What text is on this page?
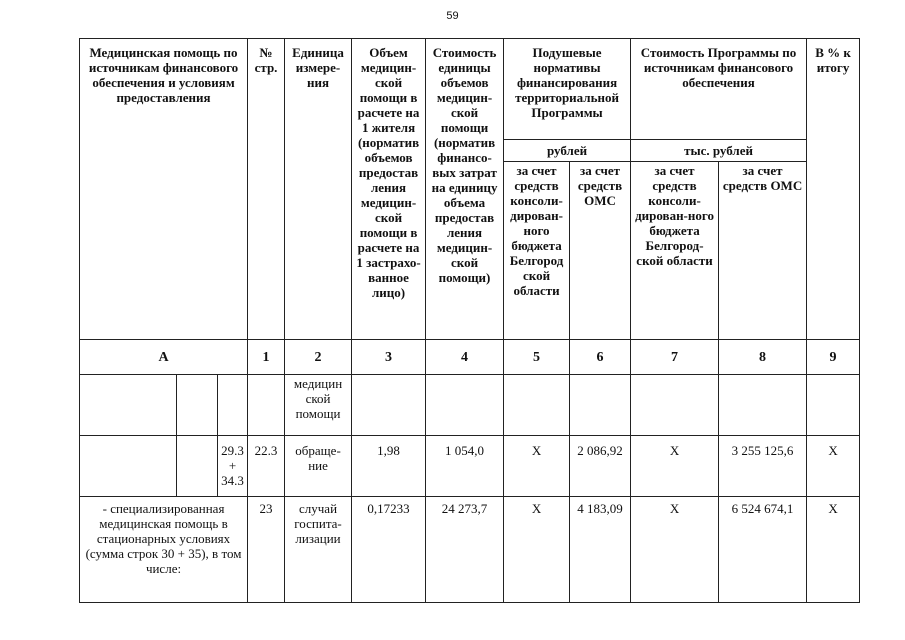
59
Медицинская помощь по источникам финансового обеспечения и условиям предоставления			№ стр.	Единица измере-ния	Объем медицин-ской помощи в расчете на 1 жителя (норматив объемов предостав ления медицин-ской помощи в расчете на 1 застрахо-ванное лицо)	Стоимость единицы объемов медицин-ской помощи (норматив финансо-вых затрат на единицу объема предостав ления медицин-ской помощи)	Подушевые нормативы финансирования территориальной Программы		Стоимость Программы по источникам финансового обеспечения		В % к итогу
							рублей		тыс. рублей		
							за счет средств консоли-дирован-ного бюджета Белгород ской области	за счет средств ОМС	за счет средств консоли-дирован-ного бюджета Белгород-ской области	за счет средств ОМС	
А			1	2	3	4	5	6	7	8	9
				медицин ской помощи							
		29.3 + 34.3	22.3	обраще-ние	1,98	1 054,0	Х	2 086,92	Х	3 255 125,6	Х
- специализированная медицинская помощь в стационарных условиях (сумма строк 30 + 35), в том числе:			23	случай госпита-лизации	0,17233	24 273,7	Х	4 183,09	Х	6 524 674,1	Х
